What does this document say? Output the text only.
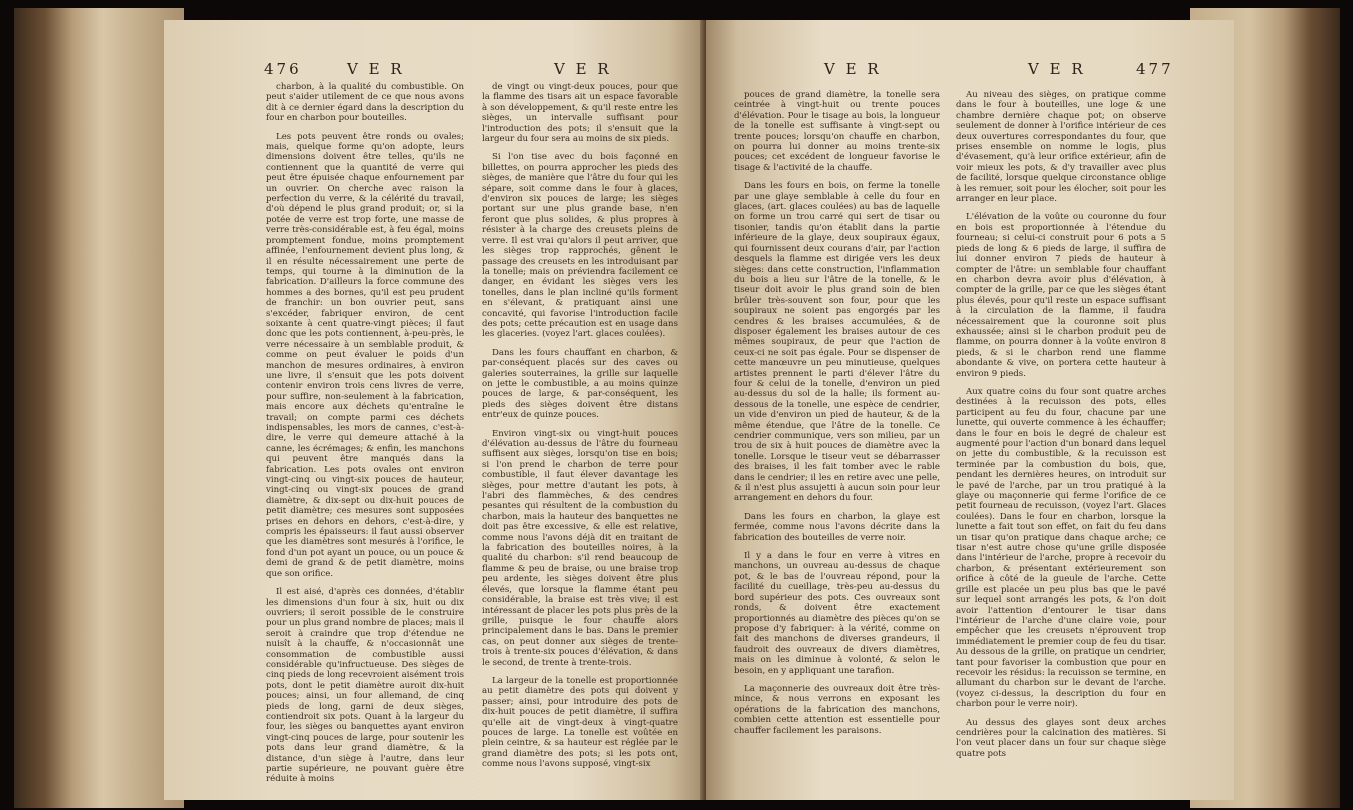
476	V E R	V E R

charbon, à la qualité du combustible. On peut s'aider utilement de ce que nous avons dit à ce dernier égard dans la description du four en charbon pour bouteilles.

Les pots peuvent être ronds ou ovales; mais, quelque forme qu'on adopte, leurs dimensions doivent être telles, qu'ils ne contiennent que la quantité de verre qui peut être épuisée chaque enfournement par un ouvrier. On cherche avec raison la perfection du verre, & la célérité du travail, d'où dépend le plus grand produit; or, si la potée de verre est trop forte, une masse de verre très-considérable est, à feu égal, moins promptement fondue, moins promptement affinée, l'enfournement devient plus long, & il en résulte nécessairement une perte de temps, qui tourne à la diminution de la fabrication. D'ailleurs la force commune des hommes a des bornes, qu'il est peu prudent de franchir: un bon ouvrier peut, sans s'excéder, fabriquer environ, de cent soixante à cent quatre-vingt pièces; il faut donc que les pots contiennent, à-peu-près, le verre nécessaire à un semblable produit, & comme on peut évaluer le poids d'un manchon de mesures ordinaires, à environ une livre, il s'ensuit que les pots doivent contenir environ trois cens livres de verre, pour suffire, non-seulement à la fabrication, mais encore aux déchets qu'entraîne le travail; on compte parmi ces déchets indispensables, les mors de cannes, c'est-à-dire, le verre qui demeure attaché à la canne, les écrémages; & enfin, les manchons qui peuvent être manqués dans la fabrication. Les pots ovales ont environ vingt-cinq ou vingt-six pouces de hauteur, vingt-cinq ou vingt-six pouces de grand diamètre, & dix-sept ou dix-huit pouces de petit diamètre; ces mesures sont supposées prises en dehors en dehors, c'est-à-dire, y compris les épaisseurs: il faut aussi observer que les diamètres sont mesurés à l'orifice, le fond d'un pot ayant un pouce, ou un pouce & demi de grand & de petit diamètre, moins que son orifice.

Il est aisé, d'après ces données, d'établir les dimensions d'un four à six, huit ou dix ouvriers; il seroit possible de le construire pour un plus grand nombre de places; mais il seroit à craindre que trop d'étendue ne nuisît à la chauffe, & n'occasionnât une consommation de combustible aussi considérable qu'infructueuse. Des sièges de cinq pieds de long recevroient aisément trois pots, dont le petit diamètre auroit dix-huit pouces; ainsi, un four allemand, de cinq pieds de long, garni de deux sièges, contiendroit six pots. Quant à la largeur du four, les sièges ou banquettes ayant environ vingt-cinq pouces de large, pour soutenir les pots dans leur grand diamètre, & la distance, d'un siège à l'autre, dans leur partie supérieure, ne pouvant guère être réduite à moins

de vingt ou vingt-deux pouces, pour que la flamme des tisars ait un espace favorable à son développement, & qu'il reste entre les sièges, un intervalle suffisant pour l'introduction des pots; il s'ensuit que la largeur du four sera au moins de six pieds.

Si l'on tise avec du bois façonné en billettes, on pourra approcher les pieds des sièges, de manière que l'âtre du four qui les sépare, soit comme dans le four à glaces, d'environ six pouces de large; les sièges portant sur une plus grande base, n'en feront que plus solides, & plus propres à résister à la charge des creusets pleins de verre. Il est vrai qu'alors il peut arriver, que les sièges trop rapprochés, gênent le passage des creusets en les introduisant par la tonelle; mais on préviendra facilement ce danger, en évidant les sièges vers les tonelles, dans le plan incliné qu'ils forment en s'élevant, & pratiquant ainsi une concavité, qui favorise l'introduction facile des pots; cette précaution est en usage dans les glaceries. (voyez l'art. glaces coulées).

Dans les fours chauffant en charbon, & par-conséquent placés sur des caves ou galeries souterraines, la grille sur laquelle on jette le combustible, a au moins quinze pouces de large, & par-conséquent, les pieds des sièges doivent être distans entr'eux de quinze pouces.

Environ vingt-six ou vingt-huit pouces d'élévation au-dessus de l'âtre du fourneau suffisent aux sièges, lorsqu'on tise en bois; si l'on prend le charbon de terre pour combustible, il faut élever davantage les sièges, pour mettre d'autant les pots, à l'abri des flammèches, & des cendres pesantes qui résultent de la combustion du charbon, mais la hauteur des banquettes ne doit pas être excessive, & elle est relative, comme nous l'avons déjà dit en traitant de la fabrication des bouteilles noires, à la qualité du charbon: s'il rend beaucoup de flamme & peu de braise, ou une braise trop peu ardente, les sièges doivent être plus élevés, que lorsque la flamme étant peu considérable, la braise est très vive; il est intéressant de placer les pots plus près de la grille, puisque le four chauffe alors principalement dans le bas. Dans le premier cas, on peut donner aux sièges de trente-trois à trente-six pouces d'élévation, & dans le second, de trente à trente-trois.

La largeur de la tonelle est proportionnée au petit diamètre des pots qui doivent y passer; ainsi, pour introduire des pots de dix-huit pouces de petit diamètre, il suffira qu'elle ait de vingt-deux à vingt-quatre pouces de large. La tonelle est voûtée en plein ceintre, & sa hauteur est réglée par le grand diamètre des pots; si les pots ont, comme nous l'avons supposé, vingt-six

V E R	V E R	477

pouces de grand diamètre, la tonelle sera ceintrée à vingt-huit ou trente pouces d'élévation. Pour le tisage au bois, la longueur de la tonelle est suffisante à vingt-sept ou trente pouces; lorsqu'on chauffe en charbon, on pourra lui donner au moins trente-six pouces; cet excédent de longueur favorise le tisage & l'activité de la chauffe.

Dans les fours en bois, on ferme la tonelle par une glaye semblable à celle du four en glaces, (art. glaces coulées) au bas de laquelle on forme un trou carré qui sert de tisar ou tisonier, tandis qu'on établit dans la partie inférieure de la glaye, deux soupiraux égaux, qui fournissent deux courans d'air, par l'action desquels la flamme est dirigée vers les deux sièges: dans cette construction, l'inflammation du bois a lieu sur l'âtre de la tonelle, & le tiseur doit avoir le plus grand soin de bien brûler très-souvent son four, pour que les soupiraux ne soient pas engorgés par les cendres & les braises accumulées, & de disposer également les braises autour de ces mêmes soupiraux, de peur que l'action de ceux-ci ne soit pas égale. Pour se dispenser de cette manœuvre un peu minutieuse, quelques artistes prennent le parti d'élever l'âtre du four & celui de la tonelle, d'environ un pied au-dessus du sol de la halle; ils forment au-dessous de la tonelle, une espèce de cendrier, un vide d'environ un pied de hauteur, & de la même étendue, que l'âtre de la tonelle. Ce cendrier communique, vers son milieu, par un trou de six à huit pouces de diamètre avec la tonelle. Lorsque le tiseur veut se débarrasser des braises, il les fait tomber avec le rable dans le cendrier; il les en retire avec une pelle, & il n'est plus assujetti à aucun soin pour leur arrangement en dehors du four.

Dans les fours en charbon, la glaye est fermée, comme nous l'avons décrite dans la fabrication des bouteilles de verre noir.

Il y a dans le four en verre à vitres en manchons, un ouvreau au-dessus de chaque pot, & le bas de l'ouvreau répond, pour la facilité du cueillage, très-peu au-dessus du bord supérieur des pots. Ces ouvreaux sont ronds, & doivent être exactement proportionnés au diamètre des pièces qu'on se propose d'y fabriquer: à la vérité, comme on fait des manchons de diverses grandeurs, il faudroit des ouvreaux de divers diamètres, mais on les diminue à volonté, & selon le besoin, en y appliquant une tarafion.

La maçonnerie des ouvreaux doit être très-mince, & nous verrons en exposant les opérations de la fabrication des manchons, combien cette attention est essentielle pour chauffer facilement les paraisons.

Au niveau des sièges, on pratique comme dans le four à bouteilles, une loge & une chambre dernière chaque pot; on observe seulement de donner à l'orifice intérieur de ces deux ouvertures correspondantes du four, que prises ensemble on nomme le logis, plus d'évasement, qu'à leur orifice extérieur, afin de voir mieux les pots, & d'y travailler avec plus de facilité, lorsque quelque circonstance oblige à les remuer, soit pour les élocher, soit pour les arranger en leur place.

L'élévation de la voûte ou couronne du four en bois est proportionnée à l'étendue du fourneau; si celui-ci construit pour 6 pots a 5 pieds de long & 6 pieds de large, il suffira de lui donner environ 7 pieds de hauteur à compter de l'âtre: un semblable four chauffant en charbon devra avoir plus d'élévation, à compter de la grille, par ce que les sièges étant plus élevés, pour qu'il reste un espace suffisant à la circulation de la flamme, il faudra nécessairement que la couronne soit plus exhaussée; ainsi si le charbon produit peu de flamme, on pourra donner à la voûte environ 8 pieds, & si le charbon rend une flamme abondante & vive, on portera cette hauteur à environ 9 pieds.

Aux quatre coins du four sont quatre arches destinées à la recuisson des pots, elles participent au feu du four, chacune par une lunette, qui ouverte commence à les échauffer; dans le four en bois le degré de chaleur est augmenté pour l'action d'un bonard dans lequel on jette du combustible, & la recuisson est terminée par la combustion du bois, que, pendant les dernières heures, on introduit sur le pavé de l'arche, par un trou pratiqué à la glaye ou maçonnerie qui ferme l'orifice de ce petit fourneau de recuisson, (voyez l'art. Glaces coulées). Dans le four en charbon, lorsque la lunette a fait tout son effet, on fait du feu dans un tisar qu'on pratique dans chaque arche; ce tisar n'est autre chose qu'une grille disposée dans l'intérieur de l'arche, propre à recevoir du charbon, & présentant extérieurement son orifice à côté de la gueule de l'arche. Cette grille est placée un peu plus bas que le pavé sur lequel sont arrangés les pots, & l'on doit avoir l'attention d'entourer le tisar dans l'intérieur de l'arche d'une claire voie, pour empêcher que les creusets n'éprouvent trop immédiatement le premier coup de feu du tisar. Au dessous de la grille, on pratique un cendrier, tant pour favoriser la combustion que pour en recevoir les résidus: la recuisson se termine, en allumant du charbon sur le devant de l'arche. (voyez ci-dessus, la description du four en charbon pour le verre noir).

Au dessus des glayes sont deux arches cendrières pour la calcination des matières. Si l'on veut placer dans un four sur chaque siège quatre pots
